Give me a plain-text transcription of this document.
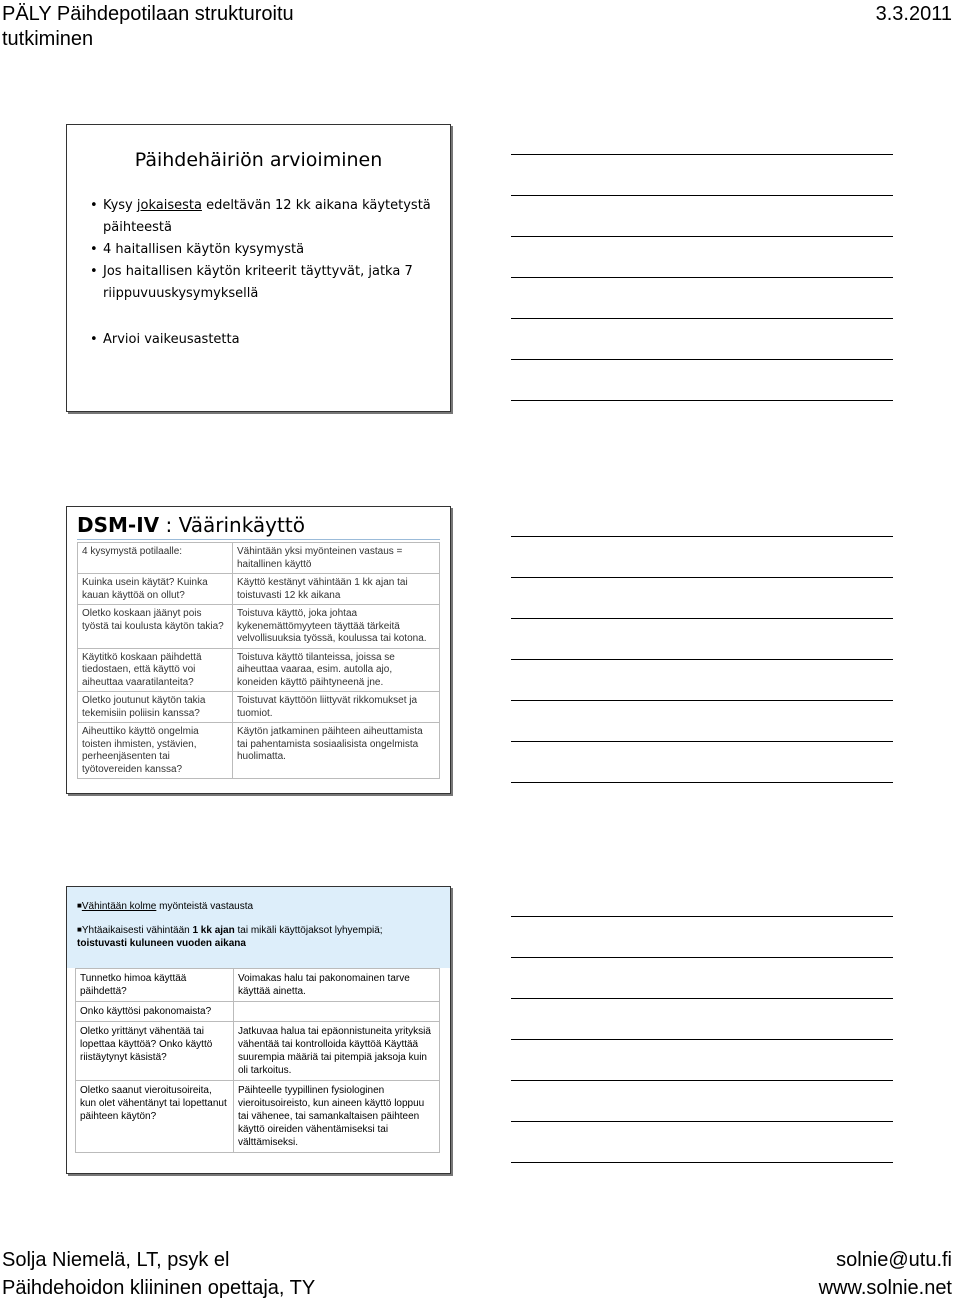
PÄLY Päihdepotilaan strukturoitu
tutkiminen
3.3.2011
Päihdehäiriön arvioiminen
• Kysy jokaisesta edeltävän 12 kk aikana käytetystä päihteestä
• 4 haitallisen käytön kysymystä
• Jos haitallisen käytön kriteerit täyttyvät, jatka 7 riippuvuuskysymyksellä
• Arvioi vaikeusastetta
DSM-IV : Väärinkäyttö
4 kysymystä potilaalle:	Vähintään yksi myönteinen vastaus = haitallinen käyttö
Kuinka usein käytät? Kuinka kauan käyttöä on ollut?	Käyttö kestänyt vähintään 1 kk ajan tai toistuvasti 12 kk aikana
Oletko koskaan jäänyt pois työstä tai koulusta käytön takia?	Toistuva käyttö, joka johtaa kykenemättömyyteen täyttää tärkeitä velvollisuuksia työssä, koulussa tai kotona.
Käytitkö koskaan päihdettä tiedostaen, että käyttö voi aiheuttaa vaaratilanteita?	Toistuva käyttö tilanteissa, joissa se aiheuttaa vaaraa, esim. autolla ajo, koneiden käyttö päihtyneenä jne.
Oletko joutunut käytön takia tekemisiin poliisin kanssa?	Toistuvat käyttöön liittyvät rikkomukset ja tuomiot.
Aiheuttiko käyttö ongelmia toisten ihmisten, ystävien, perheenjäsenten tai työtovereiden kanssa?	Käytön jatkaminen päihteen aiheuttamista tai pahentamista sosiaalisista ongelmista huolimatta.

■Vähintään kolme myönteistä vastausta

■Yhtäaikaisesti vähintään 1 kk ajan tai mikäli käyttöjaksot lyhyempiä;
toistuvasti kuluneen vuoden aikana

Tunnetko himoa käyttää päihdettä?	Voimakas halu tai pakonomainen tarve käyttää ainetta.
Onko käyttösi pakonomaista?	
Oletko yrittänyt vähentää tai lopettaa käyttöä? Onko käyttö riistäytynyt käsistä?	Jatkuvaa halua tai epäonnistuneita yrityksiä vähentää tai kontrolloida käyttöä Käyttää suurempia määriä tai pitempiä jaksoja kuin oli tarkoitus.
Oletko saanut vieroitusoireita, kun olet vähentänyt tai lopettanut päihteen käytön?	Päihteelle tyypillinen fysiologinen vieroitusoireisto, kun aineen käyttö loppuu tai vähenee, tai samankaltaisen päihteen käyttö oireiden vähentämiseksi tai välttämiseksi.
Solja Niemelä, LT, psyk el
Päihdehoidon kliininen opettaja, TY
solnie@utu.fi
www.solnie.net
